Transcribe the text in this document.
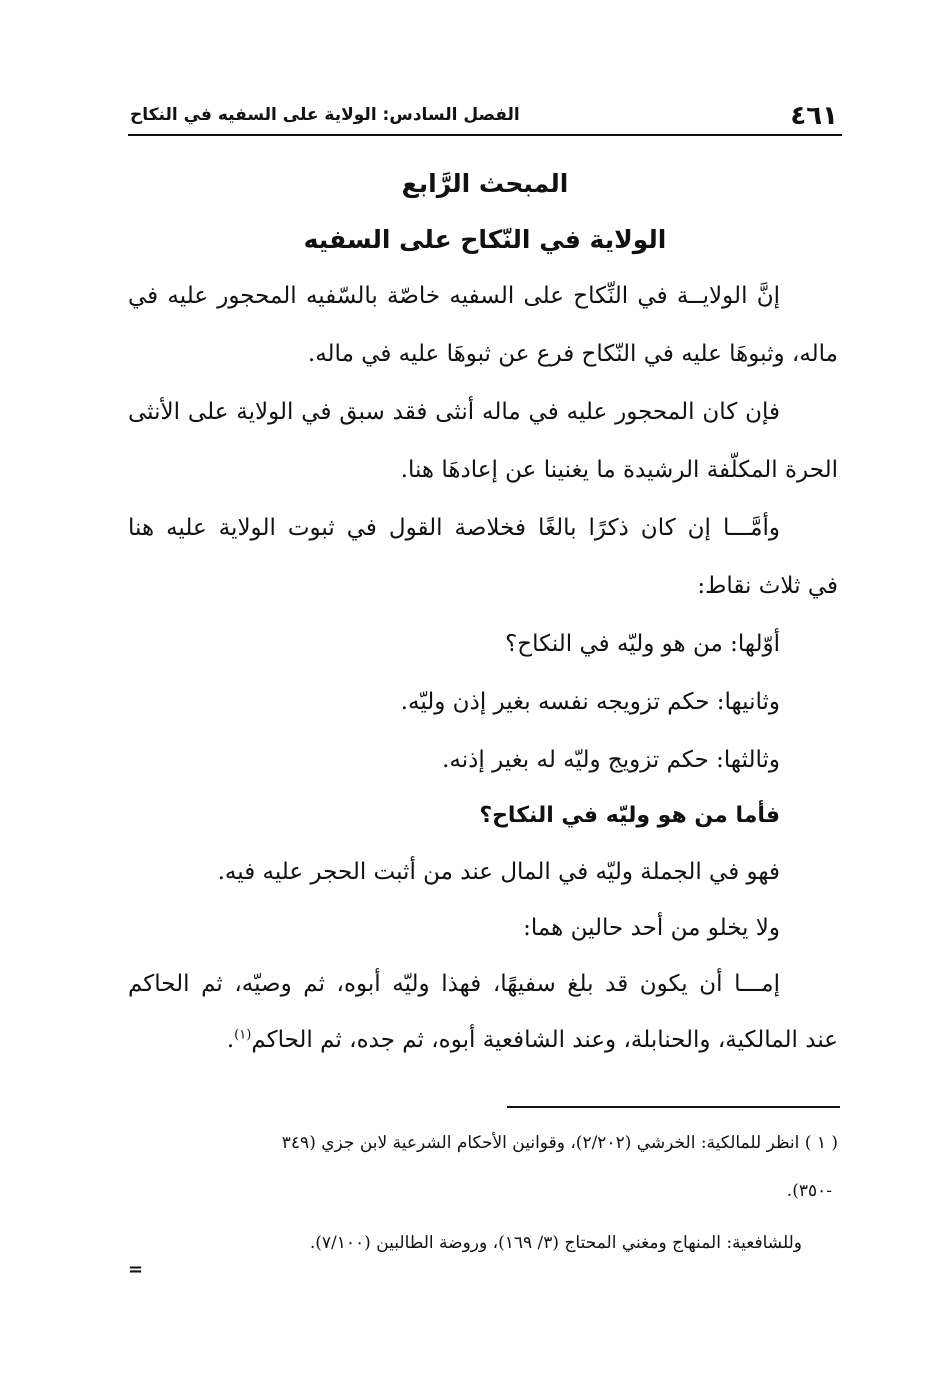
٤٦١
الفصل السادس: الولاية على السفيه في النكاح
المبحث الرَّابع
الولاية في النّكاح على السفيه
إنَّ الولايــة في النِّكاح على السفيه خاصّة بالسّفيه المحجور عليه في
ماله، وثبوهَا عليه في النّكاح فرع عن ثبوهَا عليه في ماله.
فإن كان المحجور عليه في ماله أنثى فقد سبق في الولاية على الأنثى
الحرة المكلّفة الرشيدة ما يغنينا عن إعادهَا هنا.
وأمَّـــا إن كان ذكرًا بالغًا فخلاصة القول في ثبوت الولاية عليه هنا
في ثلاث نقاط:
أوّلها: من هو وليّه في النكاح؟
وثانيها: حكم تزويجه نفسه بغير إذن وليّه.
وثالثها: حكم تزويج وليّه له بغير إذنه.
فأما من هو وليّه في النكاح؟
فهو في الجملة وليّه في المال عند من أثبت الحجر عليه فيه.
ولا يخلو من أحد حالين هما:
إمـــا أن يكون قد بلغ سفيهًا، فهذا وليّه أبوه، ثم وصيّه، ثم الحاكم
عند المالكية، والحنابلة، وعند الشافعية أبوه، ثم جده، ثم الحاكم$^{(١)}$.
( ١ ) انظر للمالكية: الخرشي (٢/٢٠٢)، وقوانين الأحكام الشرعية لابن جزي (٣٤٩
-٣٥٠).
وللشافعية: المنهاج ومغني المحتاج (٣/ ١٦٩)، وروضة الطالبين (٧/١٠٠).
=
